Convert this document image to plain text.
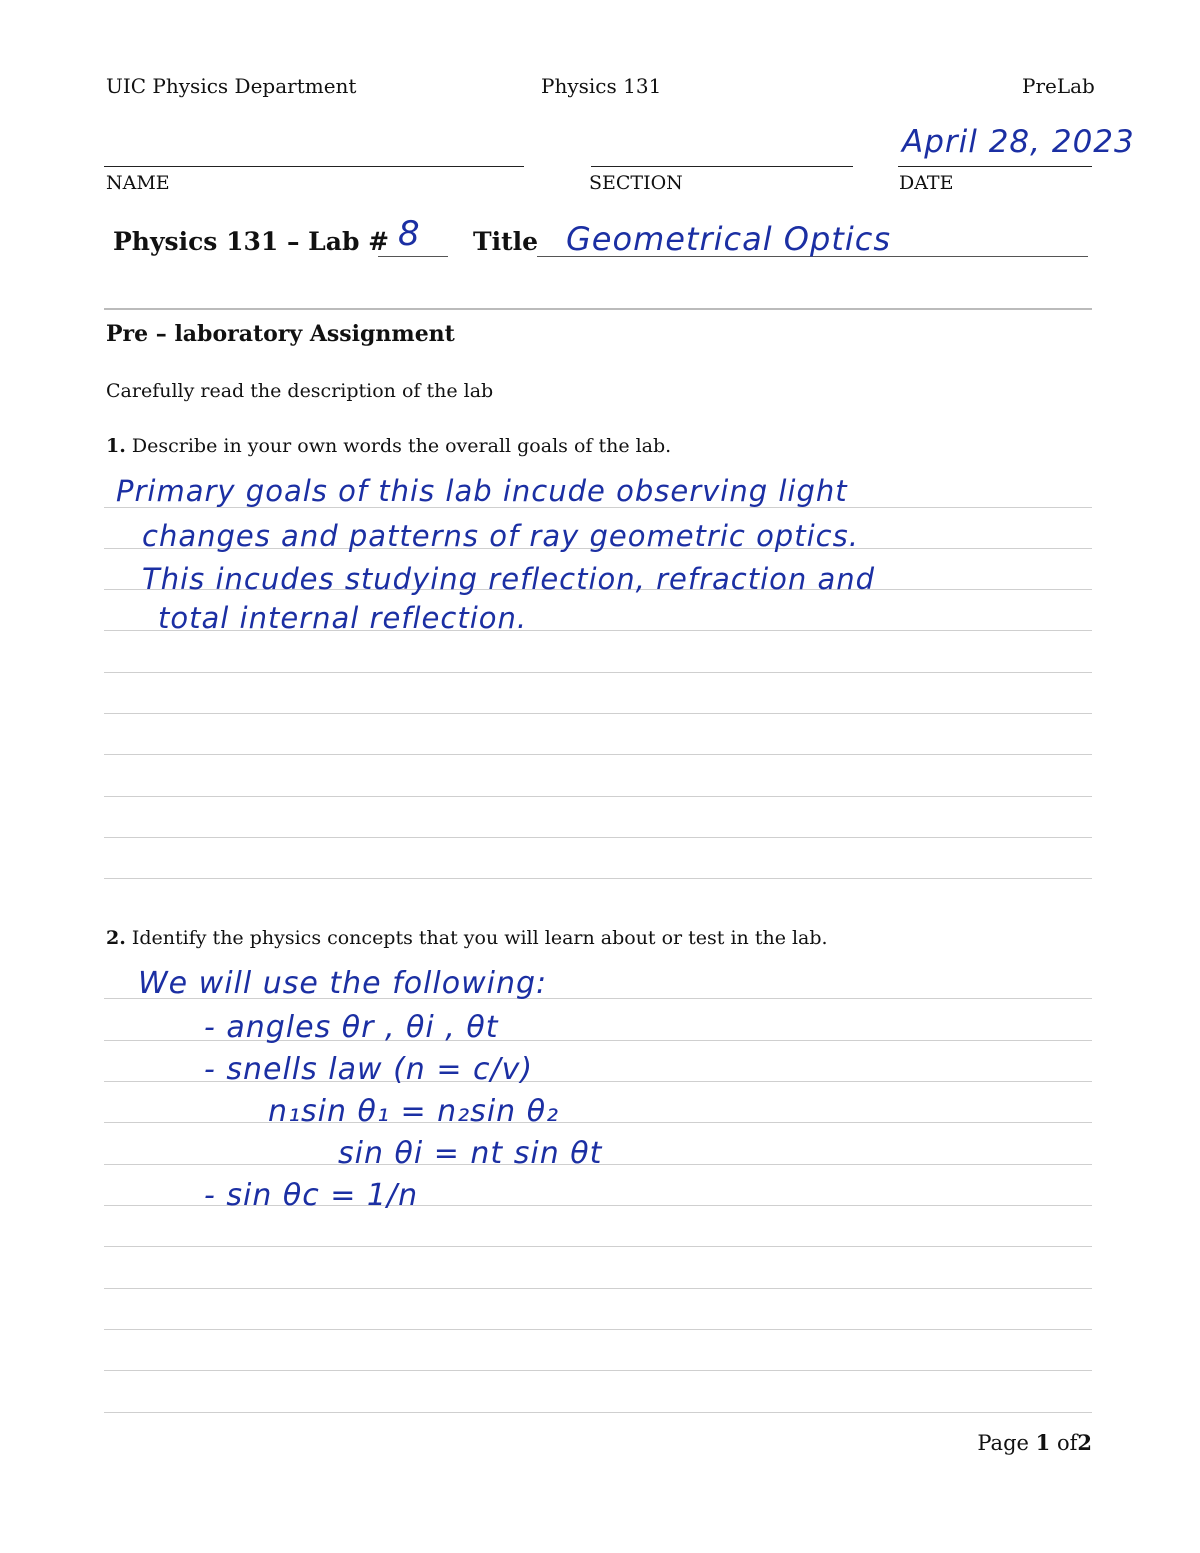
UIC Physics Department	Physics 131	PreLab
April 28, 2023
NAME	SECTION	DATE
Physics 131 – Lab # 8 Title Geometrical Optics
Pre – laboratory Assignment
Carefully read the description of the lab
1. Describe in your own words the overall goals of the lab.
Primary goals of this lab incude observing light
changes and patterns of ray geometric optics.
This incudes studying reflection, refraction and
total internal reflection.
2. Identify the physics concepts that you will learn about or test in the lab.
We will use the following:
- angles θr , θi , θt
- snells law (n = c/v)
n₁sin θ₁ = n₂sin θ₂
sin θi = nt sin θt
- sin θc = 1/n
Page 1 of2
